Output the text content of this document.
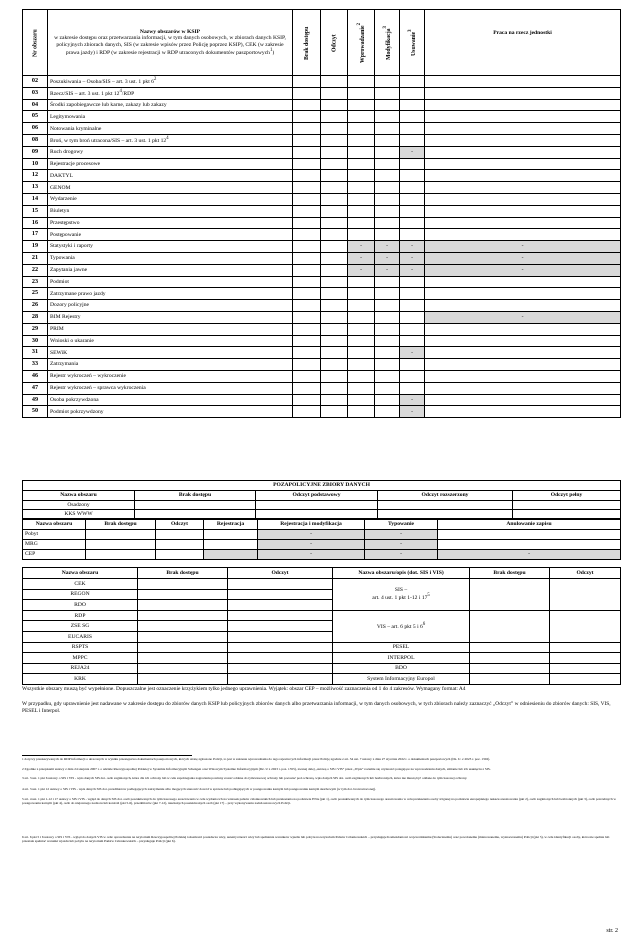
Nr obszaru	Nazwy obszarów w KSIP
w zakresie dostępu oraz przetwarzania informacji, w tym danych osobowych, w zbiorach danych KSIP, policyjnych zbiorach danych, SIS (w zakresie wpisów przez Policję poprzez KSIP), CEK (w zakresie prawa jazdy) i RDP (w zakresie rejestracji w RDP utraconych dokumentów paszportowych$^1$)	Brak dostępu	Odczyt	Wprowadzanie$^2$	Modyfikacja$^3$	Usuwanie$^3$	Praca na rzecz jednostki
02	Poszukiwania – Osoba/SIS – art. 3 ust. 1 pkt $6^2$						
03	Rzecz/SIS – art. 3 ust. 1 pkt $12^4$/RDP						
04	Środki zapobiegawcze lub karne, zakazy lub zakazy						
05	Legitymowania						
06	Notowania kryminalne						
08	Broń, w tym broń utracona/SIS – art. 3 ust. 1 pkt $12^4$						
09	Ruch drogowy					-	
10	Rejestracje procesowe						
12	DAKTYL						
13	GENOM						
14	Wydarzenie						
15	Biuletyn						
16	Przestępstwo						
17	Postępowanie						
19	Statystyki i raporty			-	-	-	-
21	Typowania			-	-	-	-
22	Zapytania jawne			-	-	-	-
23	Podmiot						
25	Zatrzymane prawo jazdy						
26	Dozory policyjne						
28	BIM Rejestry						-
29	PRIM						
30	Wnioski o ukaranie						
31	SEWiK					-	
33	Zatrzymania						
46	Rejestr wykroczeń – wykroczenie						
47	Rejestr wykroczeń – sprawca wykroczenia						
49	Osoba pokrzywdzona					-	
50	Podmiot pokrzywdzony					-	
POZAPOLICYJNE ZBIORY DANYCH				
Nazwa obszaru	Brak dostępu	Odczyt podstawowy	Odczyt rozszerzony	Odczyt pełny
Osadzony				
KKS WWW				
Nazwa obszaru	Brak dostępu	Odczyt	Rejestracja	Rejestracja i modyfikacja	Typowanie	Anulowanie zapisu
Pobyt				-	-	
MRG				-	-	
CEP				-	-	-
Nazwa obszaru	Brak dostępu	Odczyt	Nazwa obszaru/opis (dot. SIS i VIS)	Brak dostępu	Odczyt
CEK			SIS –
art. 4 ust. 1 pkt 1-12 i $17^5$

REGON					
RDO					
RDP			VIS – art. 6 pkt 5 i $6^6$		
ZSE SG					
EUCARIS					
RSPTS			PESEL		
MPPC			INTERPOL		
REJA24			BDO		
KRK			System Informacyjny Europol		
Wszystkie obszary muszą być wypełnione. Dopuszczalne jest oznaczenie krzyżykiem tylko jednego uprawnienia. Wyjątek: obszar CEP – możliwość zaznaczenia od 1 do 4 zakresów. Wymagany format: A4
W przypadku, gdy uprawnienie jest nadawane w zakresie dostępu do zbiorów danych KSIP lub policyjnych zbiorów danych albo przetwarzania informacji, w tym danych osobowych, w tych zbiorach należy zaznaczyć „Odczyt” w odniesieniu do zbiorów danych: SIS, VIS, PESEL i Interpol.
1 dotyczy przekazywanych do RDP informacji o utraconych w wyniku przestępstwa dokumentach paszportowych, których utratę zgłoszono Policji, to jest w zakresie wprowadzania do tego rejestru tych informacji przez Policję zgodnie z art. 34 ust. 7 ustawy z dnia 27 stycznia 2022 r. o dokumentach paszportowych (Dz. U. z 2023 r. poz. 1302).
2 Zgodnie z przepisami ustawy z dnia 24 sierpnia 2007 r. o udziale Rzeczypospolitej Polskiej w Systemie Informacyjnym Schengen oraz Wizowym Systemie Informacyjnym (Dz. U z 2023 r. poz. 1355), zwanej dalej „ustawą o SIS i VIS” przez „Wpis” rozumie się czynności polegające na wprowadzaniu danych, zmianie lub ich usunięciu z SIS.
3 art. 3 ust. 1 pkt 6 ustawy o SIS i VIS - wpis danych SIS dot. osób zaginionych, które dla ich ochrony lub w celu zapobiegania zagrożeniu powinny zostać oddane do tymczasowej ochrony lub pozostać pod ochroną, wpis danych SIS dot. osób zaginionych lub bezbronnych, które nie muszą być oddane do tymczasowej ochrony.
4 art. 3 ust. 1 pkt 12 ustawy o SIS i VIS - wpis danych SIS dot. przedmiotów podlegających zatrzymaniu albo mogących stanowić dowód w sprawie lub podlegających w postępowaniu karnym lub postępowaniu karnym skarbowym (w tym dot. broni utraconej).
5 art. 4 ust. 1 pkt 1-12 i 17 ustawy o SIS i VIS - wgląd do danych SIS dot. osób poszukiwanych do tymczasowego aresztowania w celu wydania ich na wniosek państw członkowskich lub przekazania na podstawie ENA (pkt 1), osób poszukiwanych do tymczasowego aresztowania w celu przekazania osoby ściganej na podstawie europejskiego nakazu aresztowania (pkt 2), osób zaginionych lub bezbronnych (pkt 3), osób potrzebnych w postępowaniu karnym (pkt 4), osób do niejawnego nadzoru lub kontroli (pkt 5-6), przedmiotów (pkt 7-12), nieznanych poszukiwanych osób (pkt 17) – przy wykonywaniu zadań ustawowych Policji.
6 art. 6 pkt 5 i 6 ustawy o SIS i VIS - wgląd do danych VIS w celu: sprawdzenia na terytorium Rzeczypospolitej Polskiej tożsamości posiadacza wizy, autentyczności wizy lub spełniania warunków wjazdu lub pobytu na terytorium Państw Członkowskich – przysługuje Komendantowi wojewódzkiemu (Stołecznemu) oraz powołanemu (mianowanemu, wyznaczonemu) Policji (pkt 5), w celu identyfikacji osoby, która nie spełnia lub przestała spełniać warunki wjazdu lub pobytu na terytorium Państw Członkowskich – przysługuje Policji (pkt 6).
str. 2
